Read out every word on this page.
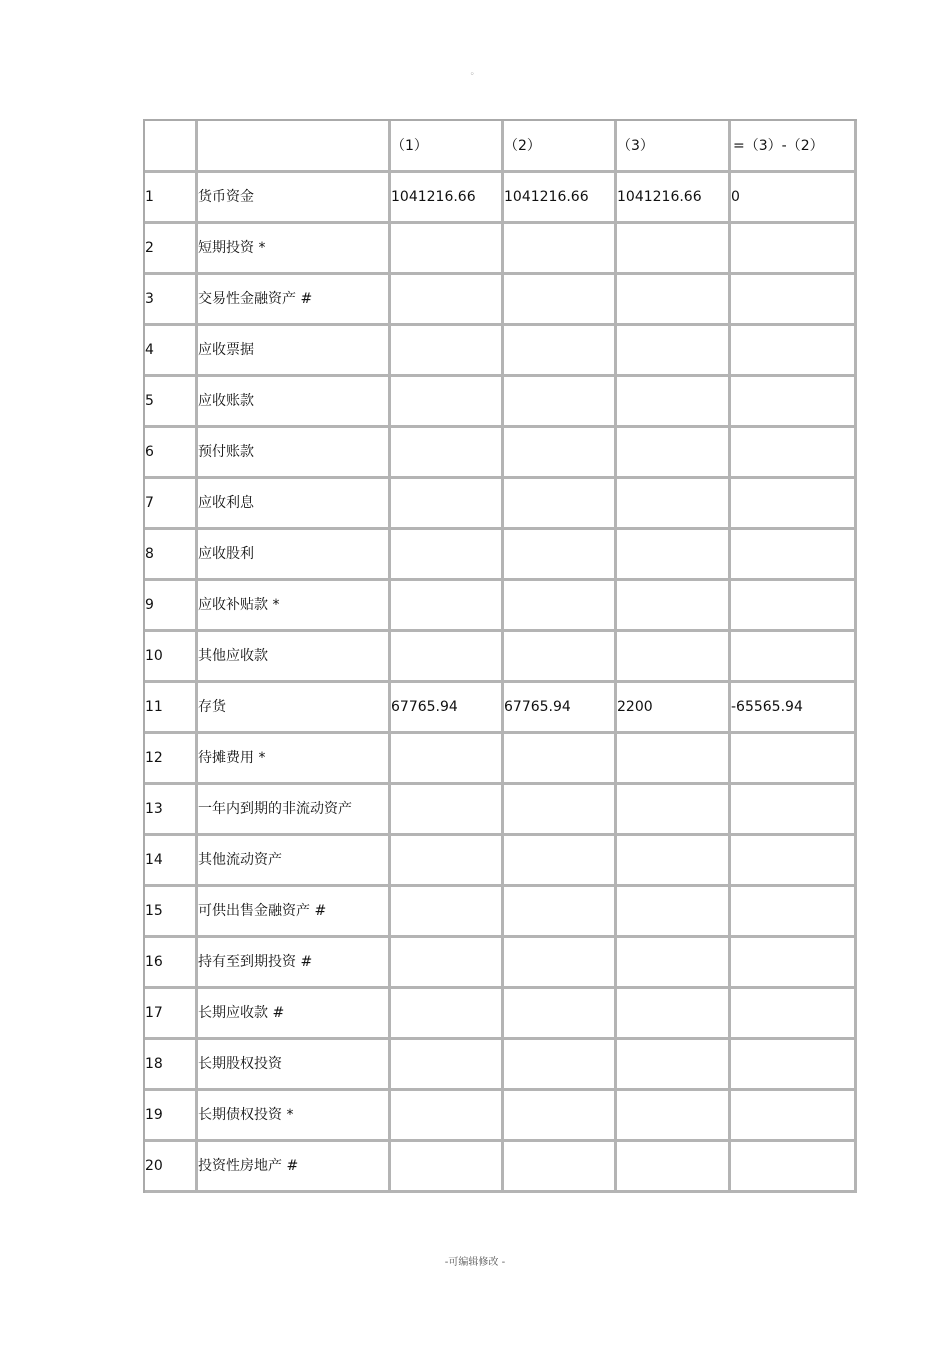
。
		（1）	（2）	（3）	=（3）-（2）
1	货币资金	1041216.66	1041216.66	1041216.66	0
2	短期投资 *				
3	交易性金融资产 #				
4	应收票据				
5	应收账款				
6	预付账款				
7	应收利息				
8	应收股利				
9	应收补贴款 *				
10	其他应收款				
11	存货	67765.94	67765.94	2200	-65565.94
12	待摊费用 *				
13	一年内到期的非流动资产				
14	其他流动资产				
15	可供出售金融资产 #				
16	持有至到期投资 #				
17	长期应收款 #				
18	长期股权投资				
19	长期债权投资 *				
20	投资性房地产 #				
-可编辑修改 -
